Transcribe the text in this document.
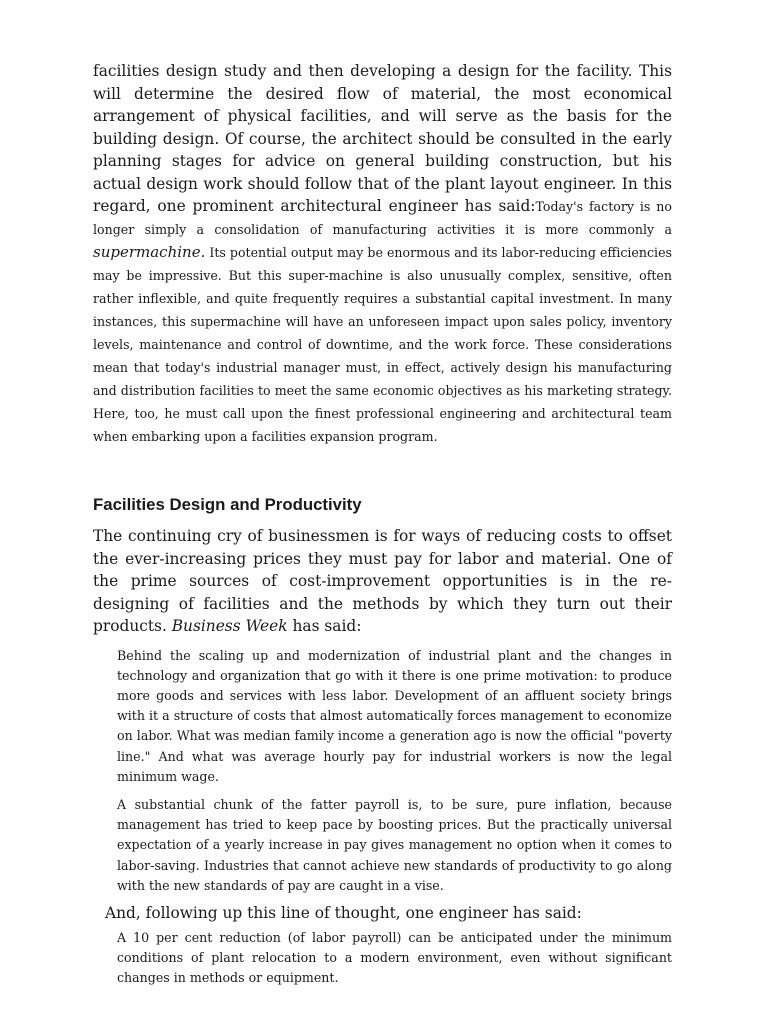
facilities design study and then developing a design for the facility. This will determine the desired flow of material, the most economical arrangement of physical facilities, and will serve as the basis for the building design. Of course, the architect should be consulted in the early planning stages for advice on general building construction, but his actual design work should follow that of the plant layout engineer. In this regard, one prominent architectural engineer has said:Today's factory is no longer simply a consolidation of manufacturing activities it is more commonly a supermachine. Its potential output may be enormous and its labor-reducing efficiencies may be impressive. But this super-machine is also unusually complex, sensitive, often rather inflexible, and quite frequently requires a substantial capital investment. In many instances, this supermachine will have an unforeseen impact upon sales policy, inventory levels, maintenance and control of downtime, and the work force. These considerations mean that today's industrial manager must, in effect, actively design his manufacturing and distribution facilities to meet the same economic objectives as his marketing strategy. Here, too, he must call upon the finest professional engineering and architectural team when embarking upon a facilities expansion program.

Facilities Design and Productivity

The continuing cry of businessmen is for ways of reducing costs to offset the ever-increasing prices they must pay for labor and material. One of the prime sources of cost-improvement opportunities is in the re-designing of facilities and the methods by which they turn out their products. Business Week has said:

Behind the scaling up and modernization of industrial plant and the changes in technology and organization that go with it there is one prime motivation: to produce more goods and services with less labor. Development of an affluent society brings with it a structure of costs that almost automatically forces management to economize on labor. What was median family income a generation ago is now the official "poverty line." And what was average hourly pay for industrial workers is now the legal minimum wage.

A substantial chunk of the fatter payroll is, to be sure, pure inflation, because management has tried to keep pace by boosting prices. But the practically universal expectation of a yearly increase in pay gives management no option when it comes to labor-saving. Industries that cannot achieve new standards of productivity to go along with the new standards of pay are caught in a vise.

And, following up this line of thought, one engineer has said:

A 10 per cent reduction (of labor payroll) can be anticipated under the minimum conditions of plant relocation to a modern environment, even without significant changes in methods or equipment.
